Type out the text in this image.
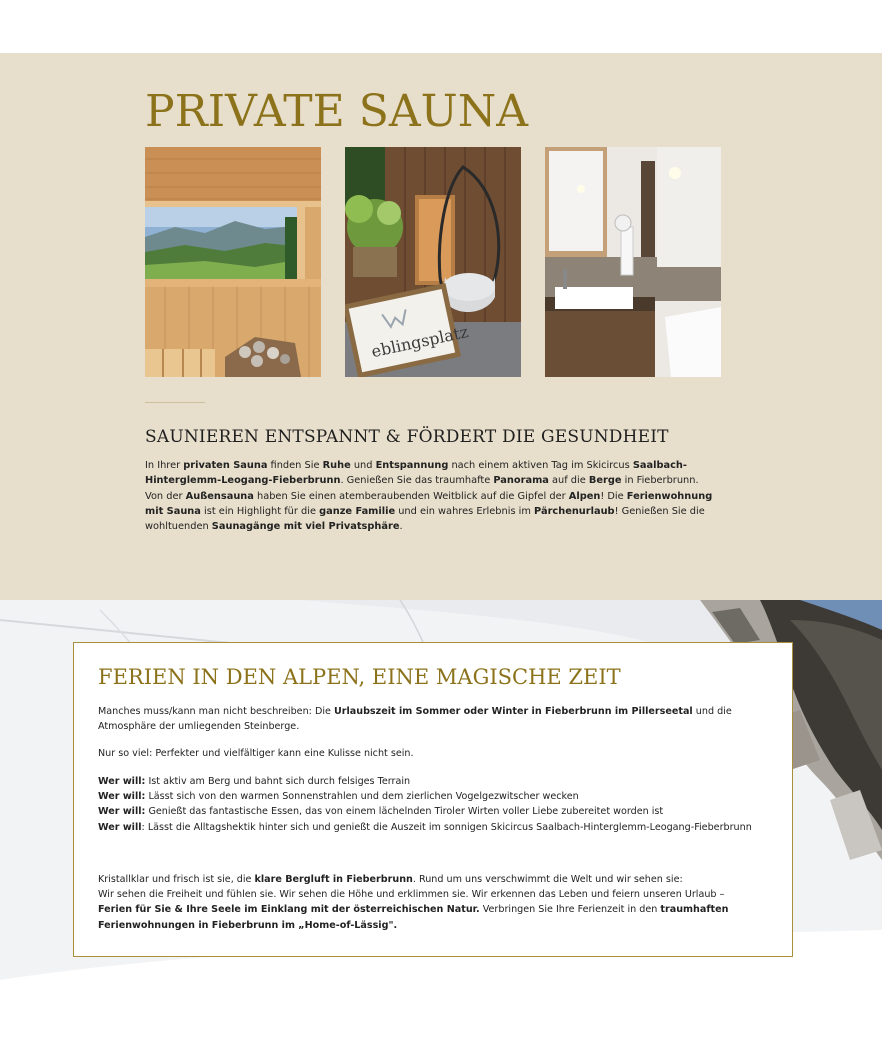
PRIVATE SAUNA
eblingsplatz
SAUNIEREN ENTSPANNT & FÖRDERT DIE GESUNDHEIT

In Ihrer privaten Sauna finden Sie Ruhe und Entspannung nach einem aktiven Tag im Skicircus Saalbach-Hinterglemm-Leogang-Fieberbrunn. Genießen Sie das traumhafte Panorama auf die Berge in Fieberbrunn. Von der Außensauna haben Sie einen atemberaubenden Weitblick auf die Gipfel der Alpen! Die Ferienwohnung mit Sauna ist ein Highlight für die ganze Familie und ein wahres Erlebnis im Pärchenurlaub! Genießen Sie die wohltuenden Saunagänge mit viel Privatsphäre.

FERIEN IN DEN ALPEN, EINE MAGISCHE ZEIT

Manches muss/kann man nicht beschreiben: Die Urlaubszeit im Sommer oder Winter in Fieberbrunn im Pillerseetal und die Atmosphäre der umliegenden Steinberge.

Nur so viel: Perfekter und vielfältiger kann eine Kulisse nicht sein.

Wer will: Ist aktiv am Berg und bahnt sich durch felsiges Terrain
Wer will: Lässt sich von den warmen Sonnenstrahlen und dem zierlichen Vogelgezwitscher wecken
Wer will: Genießt das fantastische Essen, das von einem lächelnden Tiroler Wirten voller Liebe zubereitet worden ist
Wer will: Lässt die Alltagshektik hinter sich und genießt die Auszeit im sonnigen Skicircus Saalbach-Hinterglemm-Leogang-Fieberbrunn

Kristallklar und frisch ist sie, die klare Bergluft in Fieberbrunn. Rund um uns verschwimmt die Welt und wir sehen sie:
Wir sehen die Freiheit und fühlen sie. Wir sehen die Höhe und erklimmen sie. Wir erkennen das Leben und feiern unseren Urlaub –
Ferien für Sie & Ihre Seele im Einklang mit der österreichischen Natur. Verbringen Sie Ihre Ferienzeit in den traumhaften Ferienwohnungen in Fieberbrunn im „Home-of-Lässig".
